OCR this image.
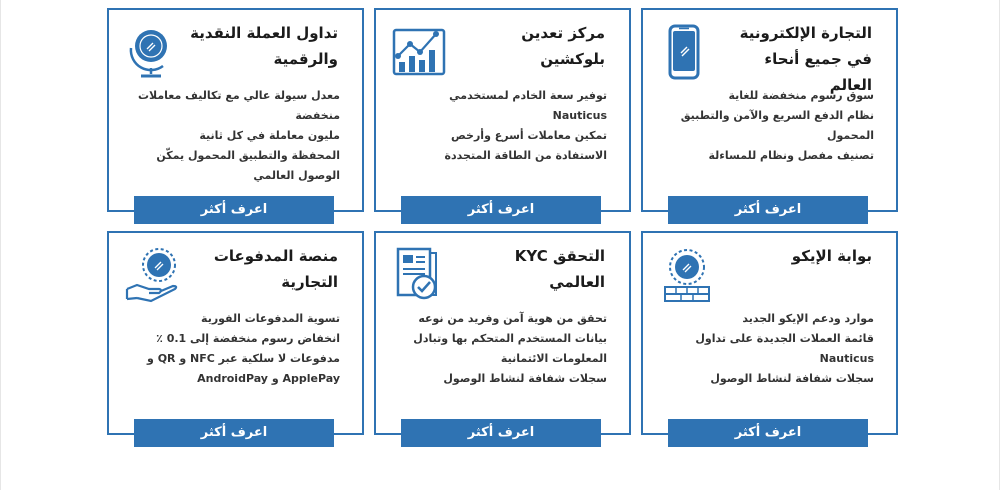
التجارة الإلكترونية في جميع أنحاء العالم
سوق رسوم منخفضة للغاية
نظام الدفع السريع والآمن والتطبيق المحمول
تصنيف مفصل ونظام للمساءلة
اعرف أكثر
مركز تعدين بلوكشين
توفير سعة الخادم لمستخدمي Nauticus
تمكين معاملات أسرع وأرخص
الاستفادة من الطاقة المتجددة
اعرف أكثر
تداول العملة النقدية والرقمية
معدل سيولة عالي مع تكاليف معاملات منخفضة
مليون معاملة في كل ثانية
المحفظة والتطبيق المحمول يمكّن الوصول العالمي
اعرف أكثر
بوابة الإيكو
موارد ودعم الإيكو الجديد
قائمة العملات الجديدة على تداول Nauticus
سجلات شفافة لنشاط الوصول
اعرف أكثر
التحقق KYC العالمي
تحقق من هوية آمن وفريد من نوعه
بيانات المستخدم المتحكم بها وتبادل المعلومات الائتمانية
سجلات شفافة لنشاط الوصول
اعرف أكثر
منصة المدفوعات التجارية
تسوية المدفوعات الفورية
انخفاض رسوم منخفضة إلى 0.1 ٪
مدفوعات لا سلكية عبر NFC و QR و ApplePay و AndroidPay
اعرف أكثر
